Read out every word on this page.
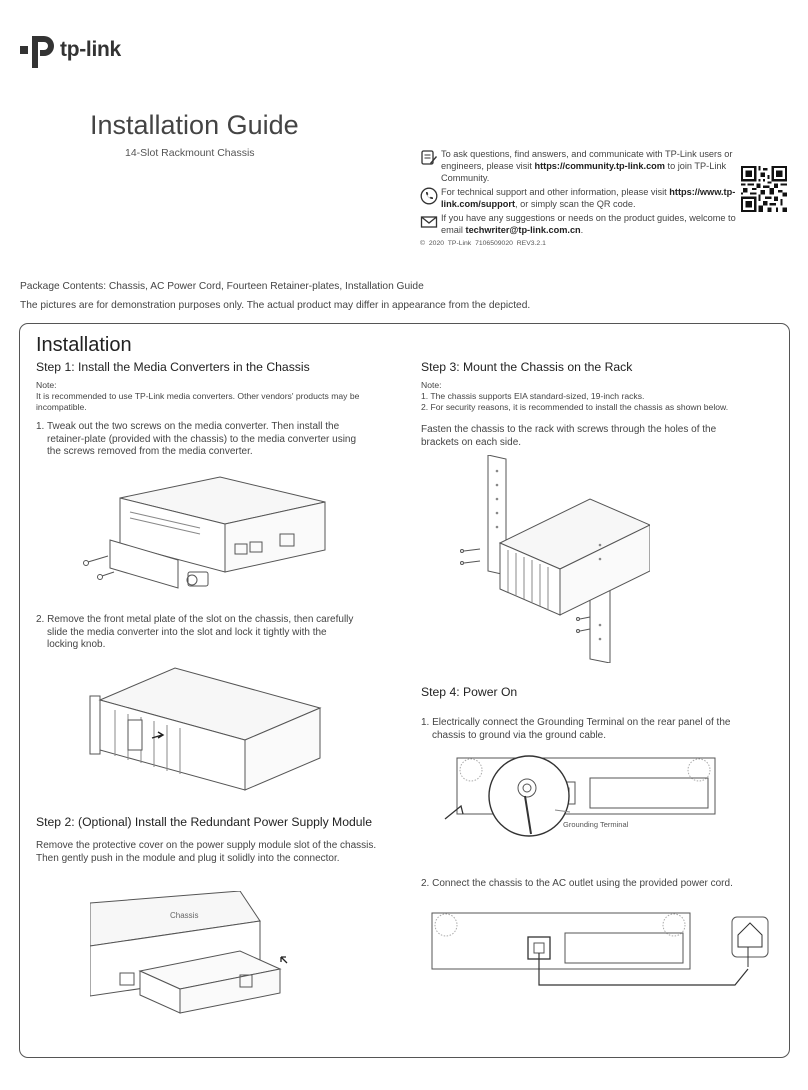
tp-link
Installation Guide
14-Slot Rackmount Chassis	To ask questions, find answers, and communicate with TP-Link users or engineers, please visit https://community.tp-link.com to join TP-Link Community.
For technical support and other information, please visit https://www.tp-link.com/support, or simply scan the QR code.
If you have any suggestions or needs on the product guides, welcome to email techwriter@tp-link.com.cn.
© 2020 TP-Link 7106509020 REV3.2.1
Package Contents: Chassis, AC Power Cord, Fourteen Retainer-plates, Installation Guide
The pictures are for demonstration purposes only. The actual product may differ in appearance from the depicted.
Installation
Step 1: Install the Media Converters in the Chassis
Note:
It is recommended to use TP-Link media converters. Other vendors' products may be incompatible.
1. Tweak out the two screws on the media converter. Then install the
retainer-plate (provided with the chassis) to the media converter using
the screws removed from the media converter.
2. Remove the front metal plate of the slot on the chassis, then carefully
slide the media converter into the slot and lock it tightly with the
locking knob.
Step 2: (Optional) Install the Redundant Power Supply Module
Remove the protective cover on the power supply module slot of the chassis.
Then gently push in the module and plug it solidly into the connector.
Chassis
Step 3: Mount the Chassis on the Rack
Note:
1. The chassis supports EIA standard-sized, 19-inch racks.
2. For security reasons, it is recommended to install the chassis as shown below.
Fasten the chassis to the rack with screws through the holes of the
brackets on each side.
Step 4: Power On
1. Electrically connect the Grounding Terminal on the rear panel of the
chassis to ground via the ground cable.
Grounding Terminal
2. Connect the chassis to the AC outlet using the provided power cord.
